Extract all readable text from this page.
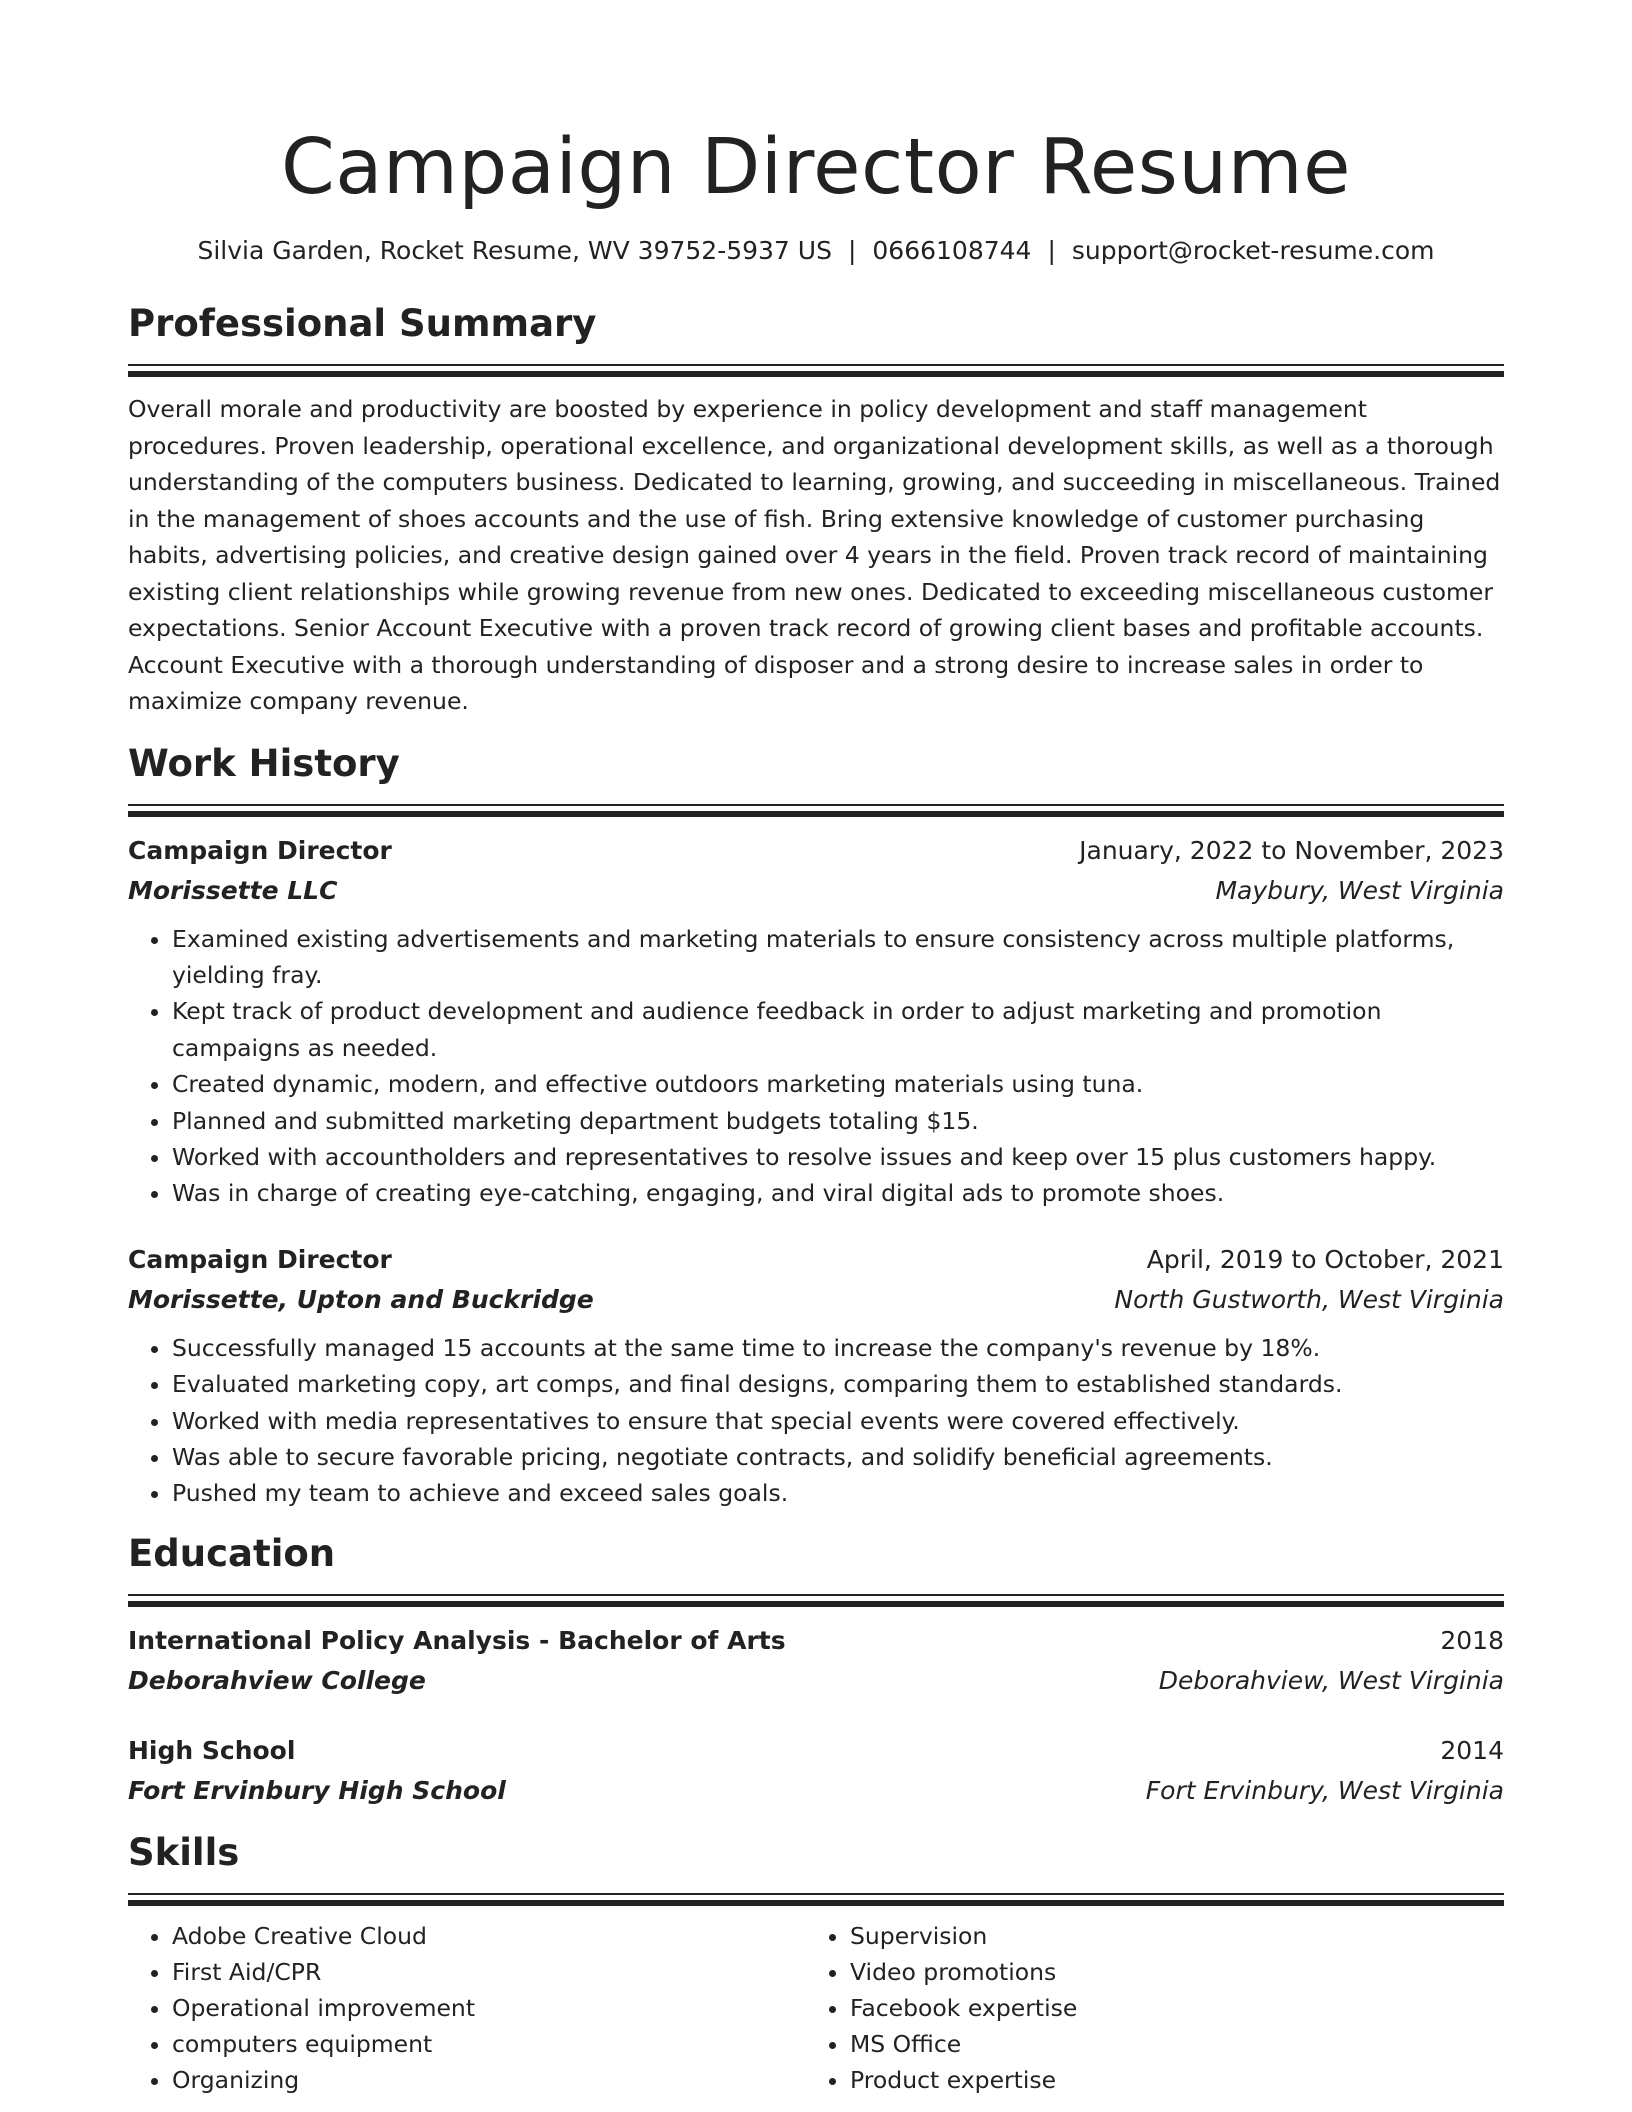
Campaign Director Resume
Silvia Garden, Rocket Resume, WV 39752-5937 US | 0666108744 | support@rocket-resume.com
Professional Summary

Overall morale and productivity are boosted by experience in policy development and staff management procedures. Proven leadership, operational excellence, and organizational development skills, as well as a thorough understanding of the computers business. Dedicated to learning, growing, and succeeding in miscellaneous. Trained in the management of shoes accounts and the use of fish. Bring extensive knowledge of customer purchasing habits, advertising policies, and creative design gained over 4 years in the field. Proven track record of maintaining existing client relationships while growing revenue from new ones. Dedicated to exceeding miscellaneous customer expectations. Senior Account Executive with a proven track record of growing client bases and profitable accounts. Account Executive with a thorough understanding of disposer and a strong desire to increase sales in order to maximize company revenue.

Work History
Campaign Director	January, 2022 to November, 2023
Morissette LLC	Maybury, West Virginia
• Examined existing advertisements and marketing materials to ensure consistency across multiple platforms, yielding fray.
• Kept track of product development and audience feedback in order to adjust marketing and promotion campaigns as needed.
• Created dynamic, modern, and effective outdoors marketing materials using tuna.
• Planned and submitted marketing department budgets totaling $15.
• Worked with accountholders and representatives to resolve issues and keep over 15 plus customers happy.
• Was in charge of creating eye-catching, engaging, and viral digital ads to promote shoes.
Campaign Director	April, 2019 to October, 2021
Morissette, Upton and Buckridge	North Gustworth, West Virginia
• Successfully managed 15 accounts at the same time to increase the company's revenue by 18%.
• Evaluated marketing copy, art comps, and final designs, comparing them to established standards.
• Worked with media representatives to ensure that special events were covered effectively.
• Was able to secure favorable pricing, negotiate contracts, and solidify beneficial agreements.
• Pushed my team to achieve and exceed sales goals.
Education
International Policy Analysis - Bachelor of Arts	2018
Deborahview College	Deborahview, West Virginia
High School	2014
Fort Ervinbury High School	Fort Ervinbury, West Virginia
Skills
• Adobe Creative Cloud
• First Aid/CPR
• Operational improvement
• computers equipment
• Organizing
• Supervision
• Video promotions
• Facebook expertise
• MS Office
• Product expertise
